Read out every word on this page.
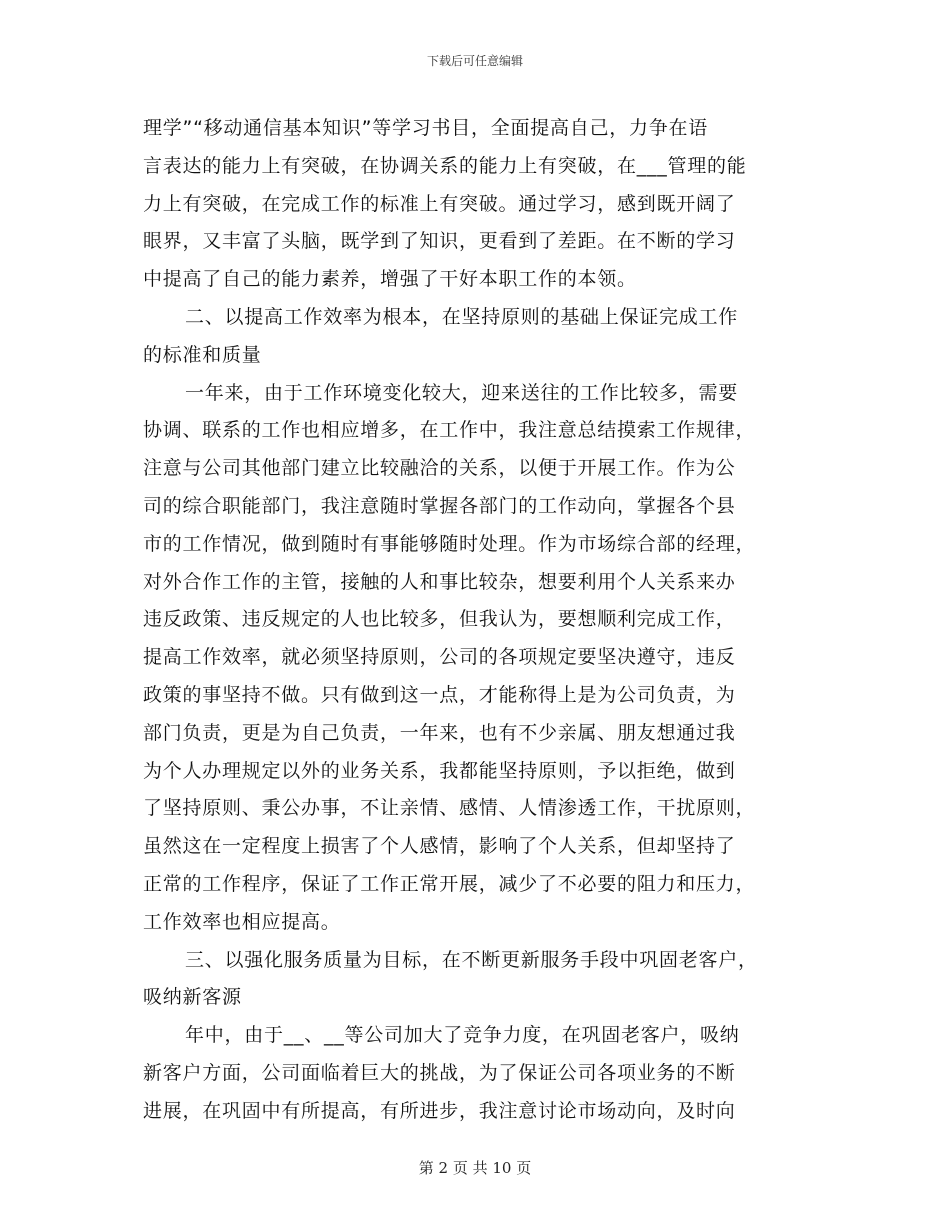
下载后可任意编辑
理学”“移动通信基本知识”等学习书目，全面提高自己，力争在语
言表达的能力上有突破，在协调关系的能力上有突破，在___管理的能
力上有突破，在完成工作的标准上有突破。通过学习，感到既开阔了
眼界，又丰富了头脑，既学到了知识，更看到了差距。在不断的学习
中提高了自己的能力素养，增强了干好本职工作的本领。
二、以提高工作效率为根本，在坚持原则的基础上保证完成工作
的标准和质量
一年来，由于工作环境变化较大，迎来送往的工作比较多，需要
协调、联系的工作也相应增多，在工作中，我注意总结摸索工作规律，
注意与公司其他部门建立比较融洽的关系，以便于开展工作。作为公
司的综合职能部门，我注意随时掌握各部门的工作动向，掌握各个县
市的工作情况，做到随时有事能够随时处理。作为市场综合部的经理，
对外合作工作的主管，接触的人和事比较杂，想要利用个人关系来办
违反政策、违反规定的人也比较多，但我认为，要想顺利完成工作，
提高工作效率，就必须坚持原则，公司的各项规定要坚决遵守，违反
政策的事坚持不做。只有做到这一点，才能称得上是为公司负责，为
部门负责，更是为自己负责，一年来，也有不少亲属、朋友想通过我
为个人办理规定以外的业务关系，我都能坚持原则，予以拒绝，做到
了坚持原则、秉公办事，不让亲情、感情、人情渗透工作，干扰原则，
虽然这在一定程度上损害了个人感情，影响了个人关系，但却坚持了
正常的工作程序，保证了工作正常开展，减少了不必要的阻力和压力，
工作效率也相应提高。
三、以强化服务质量为目标，在不断更新服务手段中巩固老客户，
吸纳新客源
年中，由于__、__等公司加大了竞争力度，在巩固老客户，吸纳
新客户方面，公司面临着巨大的挑战，为了保证公司各项业务的不断
进展，在巩固中有所提高，有所进步，我注意讨论市场动向，及时向
第 2 页 共 10 页
